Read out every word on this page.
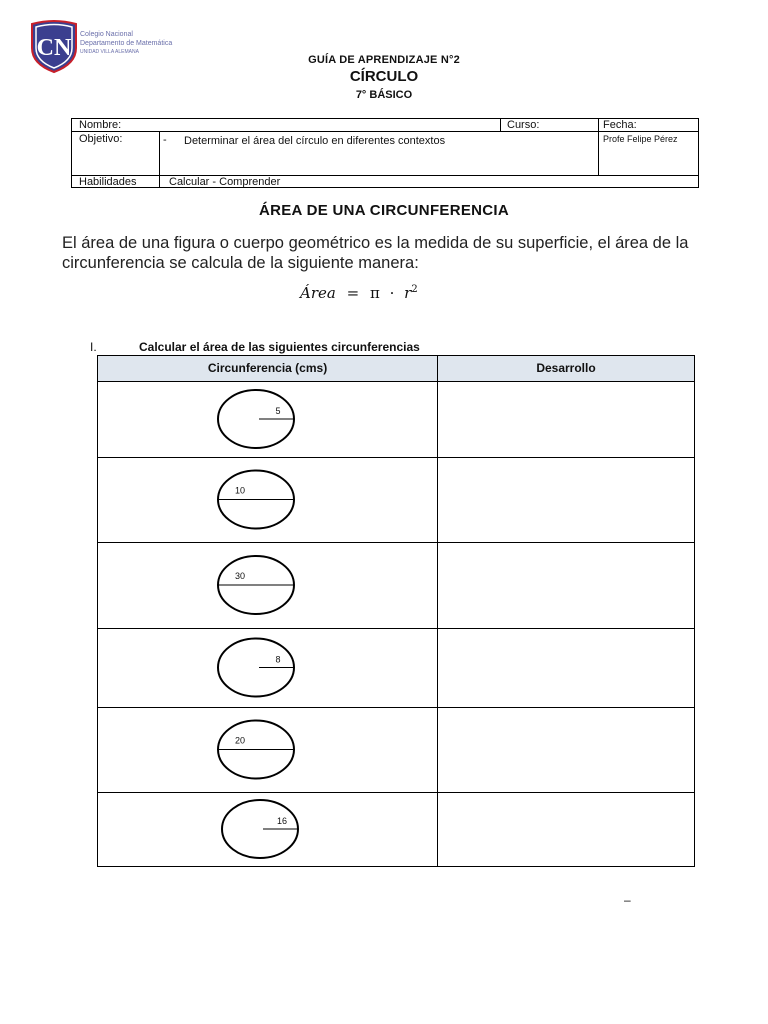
CN
Colegio Nacional
Departamento de Matemática
UNIDAD VILLA ALEMANA
GUÍA DE APRENDIZAJE N°2
CÍRCULO
7° BÁSICO
Nombre:	Curso:	Fecha:
Objetivo:	- Determinar el área del círculo en diferentes contextos	Profe Felipe Pérez
Habilidades	Calcular - Comprender
ÁREA DE UNA CIRCUNFERENCIA
El área de una figura o cuerpo geométrico es la medida de su superficie, el área de la circunferencia se calcula de la siguiente manera:
Área = $\pi \cdot r^2$
I.	Calcular el área de las siguientes circunferencias
Circunferencia (cms)	Desarrollo
5
10
30
8
20
16
–
